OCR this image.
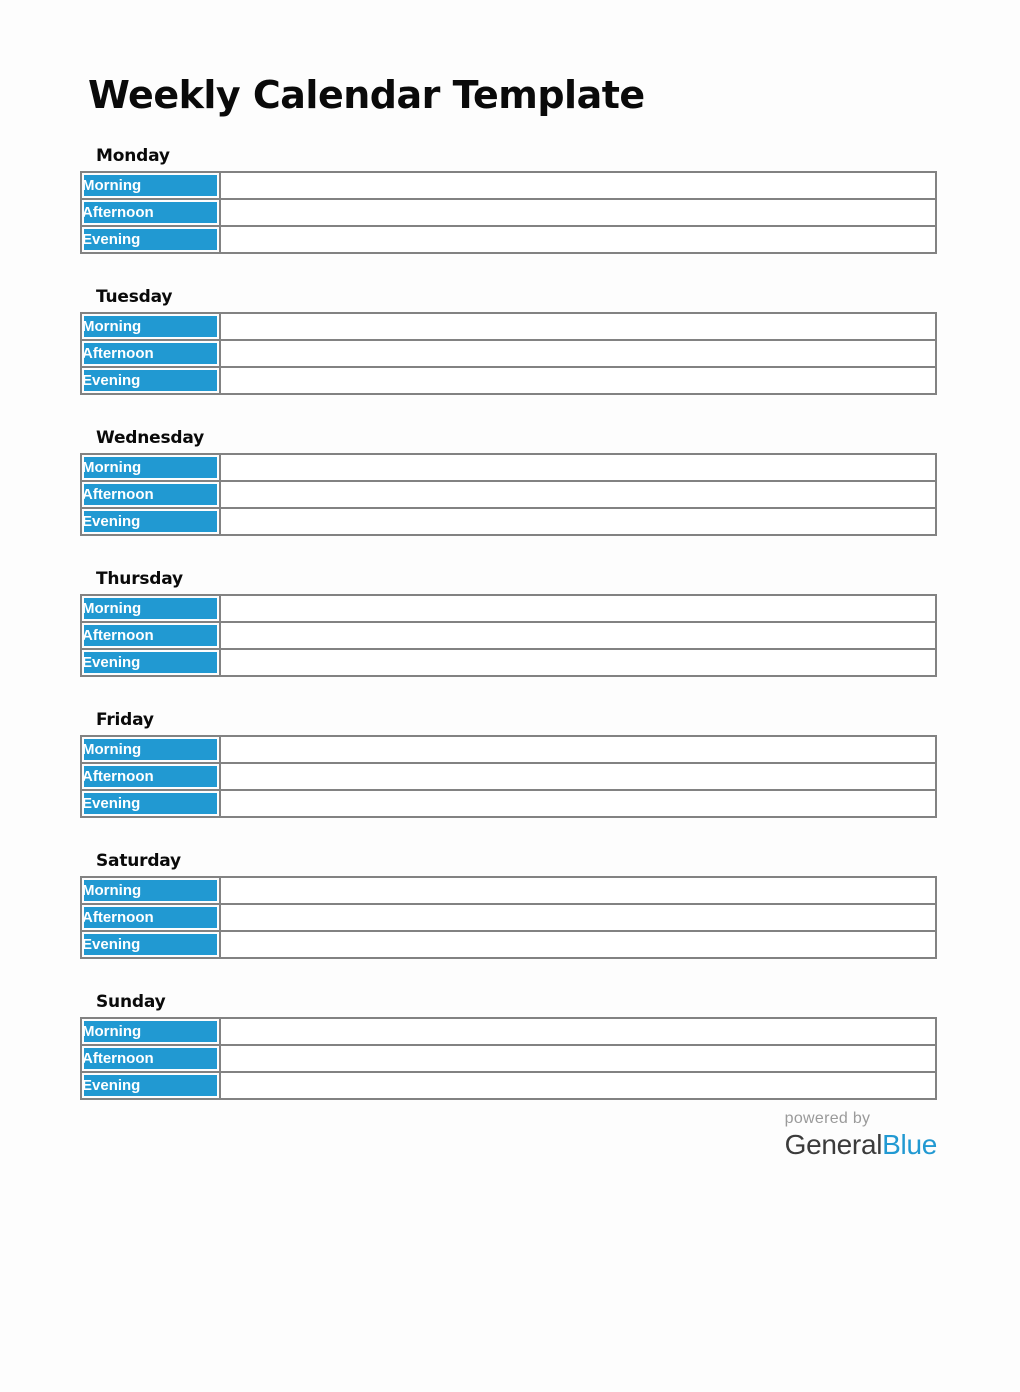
Weekly Calendar Template
Monday
Morning	
Afternoon	
Evening	
Tuesday
Morning	
Afternoon	
Evening	
Wednesday
Morning	
Afternoon	
Evening	
Thursday
Morning	
Afternoon	
Evening	
Friday
Morning	
Afternoon	
Evening	
Saturday
Morning	
Afternoon	
Evening	
Sunday
Morning	
Afternoon	
Evening	
powered by
GeneralBlue
